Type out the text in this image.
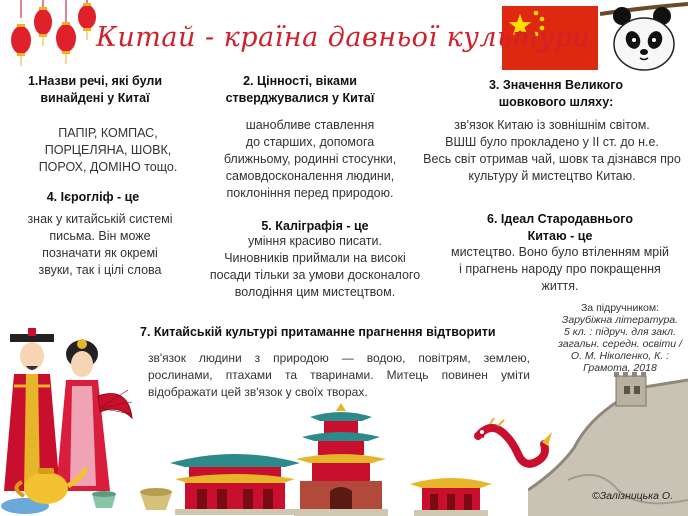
Китай - країна давньої культури
1.Назви речі, які були
винайдені у Китаї
ПАПІР, КОМПАС,
ПОРЦЕЛЯНА, ШОВК,
ПОРОХ, ДОМІНО тощо.
2. Цінності, віками
стверджувалися у Китаї
шанобливе ставлення
до старших, допомога
ближньому, родинні стосунки,
самовдосконалення людини,
поклоніння перед природою.
3. Значення Великого
шовкового шляху:
зв'язок Китаю із зовнішнім світом.
ВШШ було прокладено у ІІ ст. до н.е.
Весь світ отримав чай, шовк та дізнався про
культуру й мистецтво Китаю.
4. Ієрогліф - це
знак у китайській системі
письма. Він може
позначати як окремі
звуки, так і цілі слова
5. Каліграфія - це
уміння красиво писати.
Чиновників приймали на високі
посади тільки за умови досконалого
володіння цим мистецтвом.
6. Ідеал Стародавнього
Китаю - це
мистецтво. Воно було втіленням мрій
і прагнень народу про покращення
життя.
За підручником:
Зарубіжна література.
5 кл. : підруч. для закл.
загальн. середн. освіти /
О. М. Ніколенко, К. :
Грамота, 2018
7. Китайській культурі притаманне прагнення відтворити
зв'язок людини з природою — водою, повітрям, землею, рослинами, птахами та тваринами. Митець повинен уміти відображати цей зв'язок у своїх творах.
©Залізницька О.
